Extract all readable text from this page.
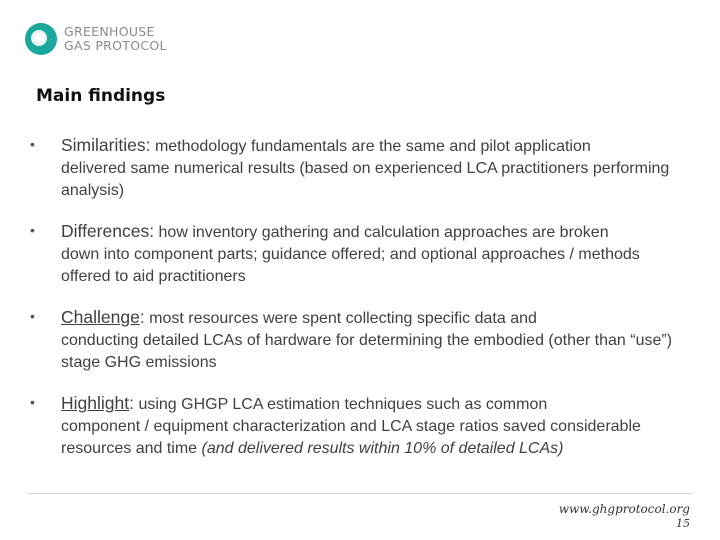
GREENHOUSE
GAS PROTOCOL
Main findings
• Similarities: methodology fundamentals are the same and pilot application
delivered same numerical results (based on experienced LCA practitioners performing analysis)
• Differences: how inventory gathering and calculation approaches are broken
down into component parts; guidance offered; and optional approaches / methods offered to aid practitioners
• Challenge: most resources were spent collecting specific data and
conducting detailed LCAs of hardware for determining the embodied (other than “use”) stage GHG emissions
• Highlight: using GHGP LCA estimation techniques such as common
component / equipment characterization and LCA stage ratios saved considerable resources and time (and delivered results within 10% of detailed LCAs)
www.ghgprotocol.org
15
